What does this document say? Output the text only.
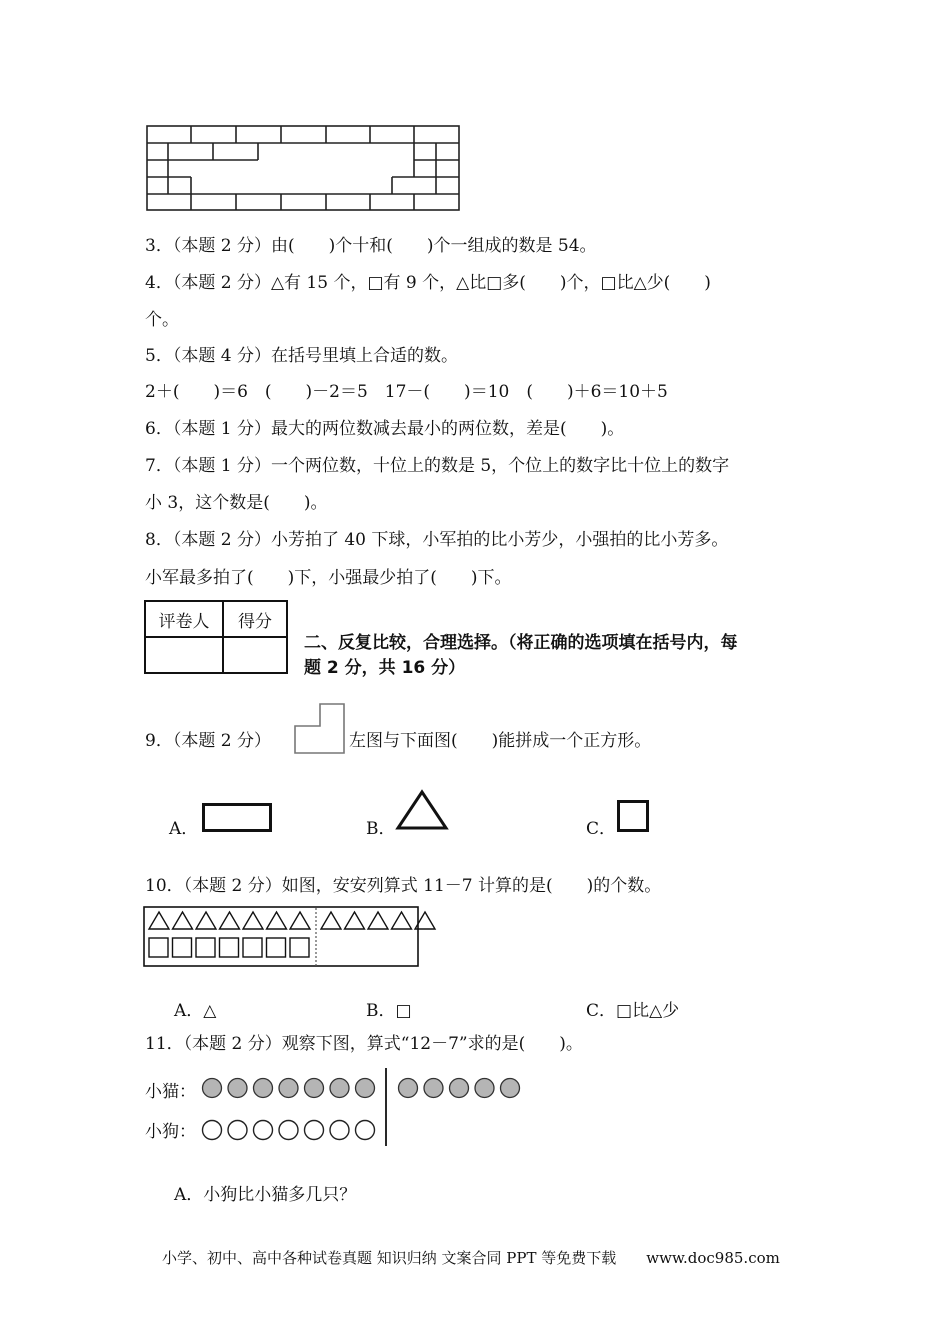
3．（本题 2 分）由(　　)个十和(　　)个一组成的数是 54。
4．（本题 2 分）△有 15 个，□有 9 个，△比□多(　　)个，□比△少(　　)
个。
5．（本题 4 分）在括号里填上合适的数。
2＋(　　)＝6　(　　)－2＝5　17－(　　)＝10　(　　)＋6＝10＋5
6．（本题 1 分）最大的两位数减去最小的两位数，差是(　　)。
7．（本题 1 分）一个两位数，十位上的数是 5，个位上的数字比十位上的数字
小 3，这个数是(　　)。
8．（本题 2 分）小芳拍了 40 下球，小军拍的比小芳少，小强拍的比小芳多。
小军最多拍了(　　)下，小强最少拍了(　　)下。
评卷人	得分

二、反复比较，合理选择。（将正确的选项填在括号内，每
题 2 分，共 16 分）
9．（本题 2 分）	左图与下面图(　　)能拼成一个正方形。
A．	B．	C．
10．（本题 2 分）如图，安安列算式 11－7 计算的是(　　)的个数。
A．△	B．□	C．□比△少
11．（本题 2 分）观察下图，算式“12－7”求的是(　　)。
小猫：
小狗：
A．小狗比小猫多几只？
小学、初中、高中各种试卷真题 知识归纳 文案合同 PPT 等免费下载　　www.doc985.com
